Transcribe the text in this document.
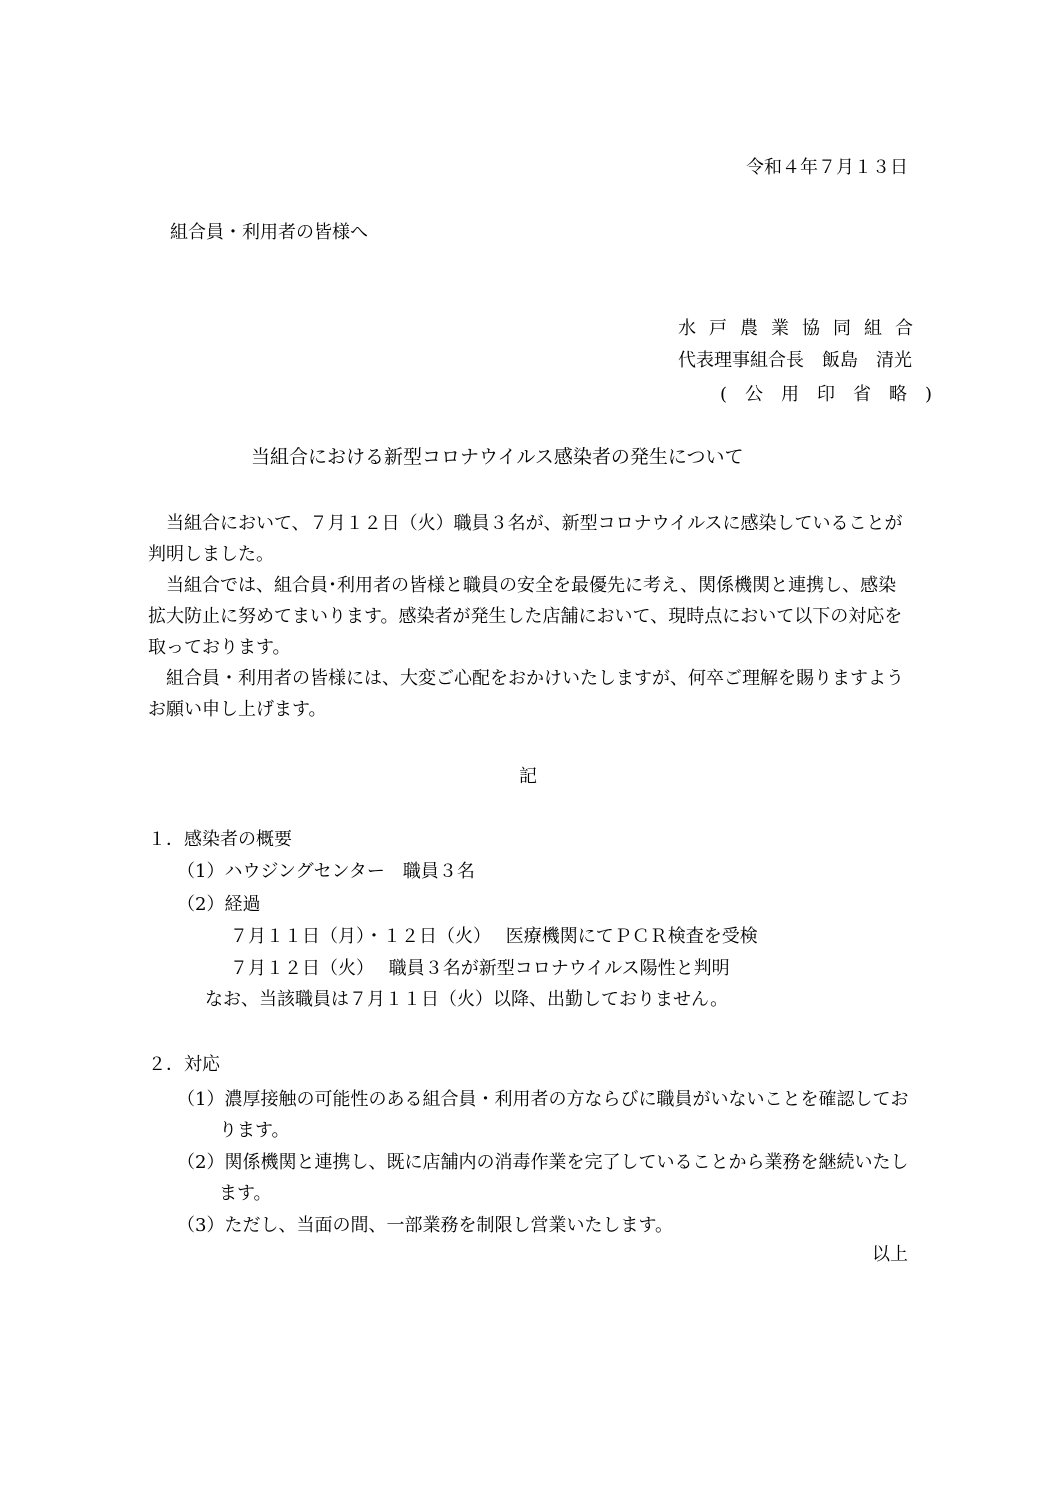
令和４年７月１３日

組合員・利用者の皆様へ

水戸農業協同組合

代表理事組合長　飯島　清光

(公用印省略)

当組合における新型コロナウイルス感染者の発生について

当組合において、７月１２日（火）職員３名が、新型コロナウイルスに感染していることが判明しました。

当組合では、組合員･利用者の皆様と職員の安全を最優先に考え、関係機関と連携し、感染拡大防止に努めてまいります。感染者が発生した店舗において、現時点において以下の対応を取っております。

組合員・利用者の皆様には、大変ご心配をおかけいたしますが、何卒ご理解を賜りますようお願い申し上げます。

記

１．感染者の概要

（1）ハウジングセンター　職員３名

（2）経過

７月１１日（月）・１２日（火）　 医療機関にてＰＣＲ検査を受検

７月１２日（火）　 職員３名が新型コロナウイルス陽性と判明

なお、当該職員は７月１１日（火）以降、出勤しておりません。

２．対応

（1）濃厚接触の可能性のある組合員・利用者の方ならびに職員がいないことを確認しております。

（2）関係機関と連携し、既に店舗内の消毒作業を完了していることから業務を継続いたします。

（3）ただし、当面の間、一部業務を制限し営業いたします。

以上
